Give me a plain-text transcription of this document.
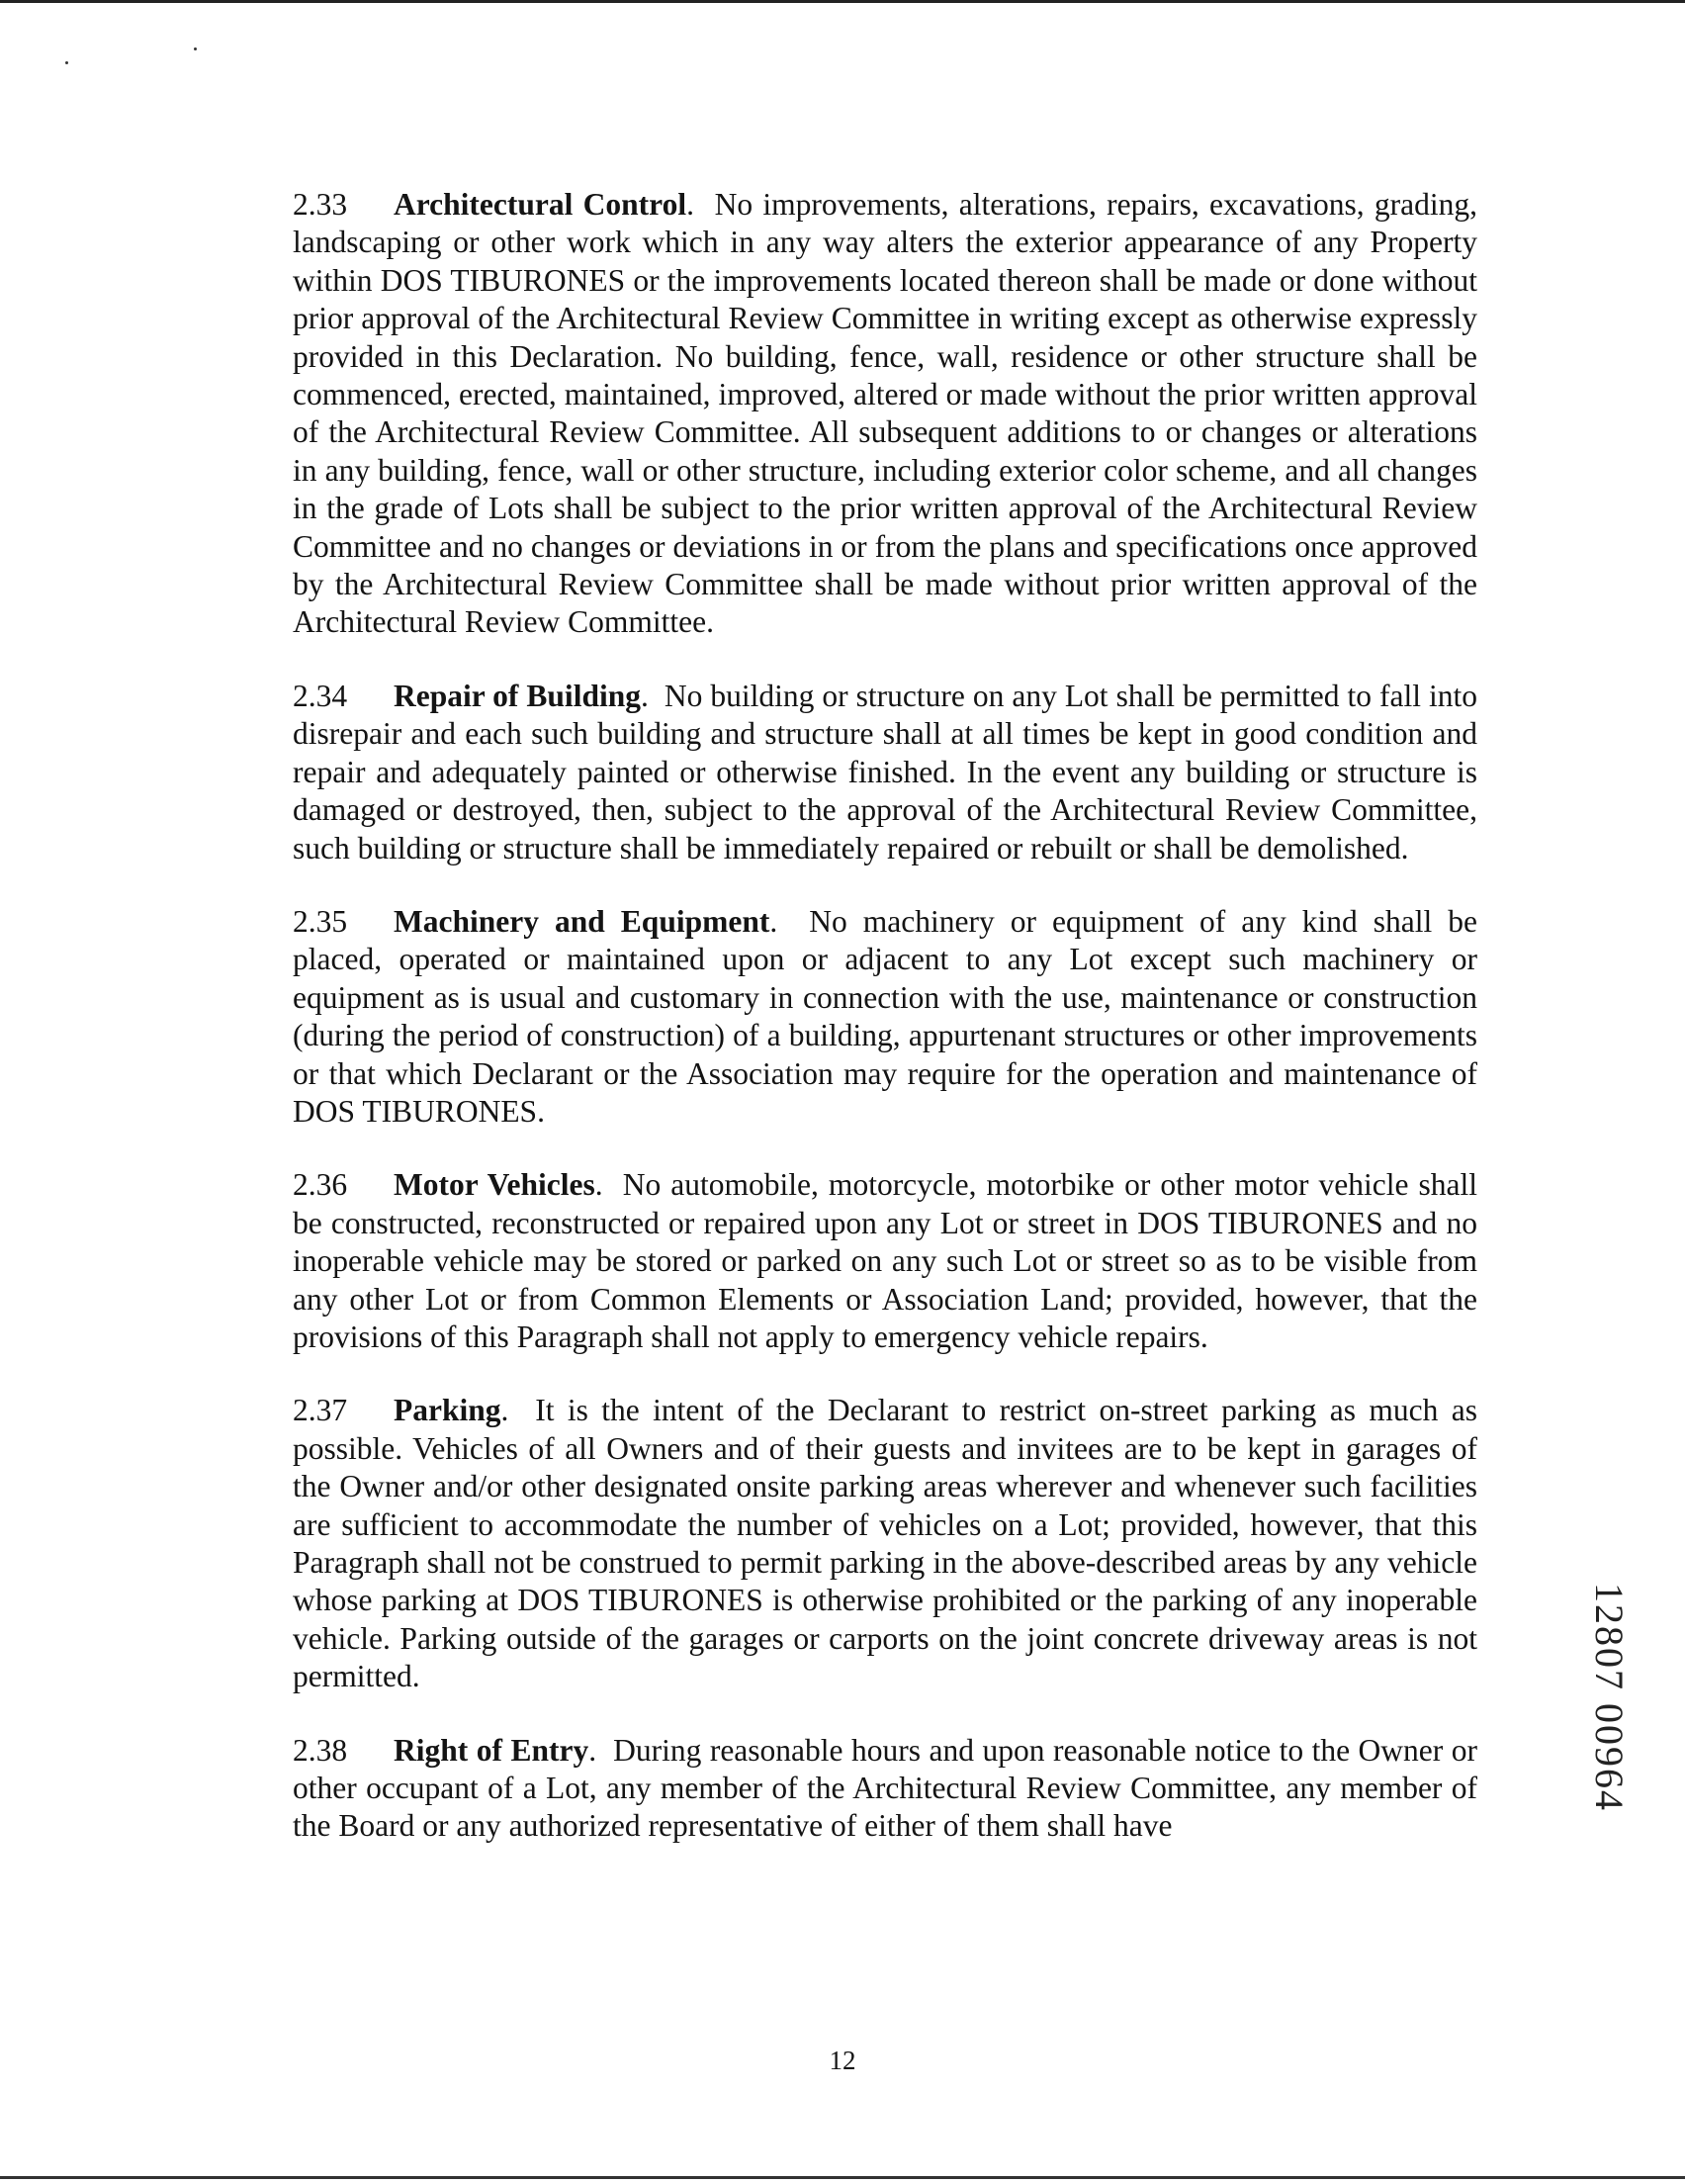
2.33 Architectural Control. No improvements, alterations, repairs, excavations, grading, landscaping or other work which in any way alters the exterior appearance of any Property within DOS TIBURONES or the improvements located thereon shall be made or done without prior approval of the Architectural Review Committee in writing except as otherwise expressly provided in this Declaration. No building, fence, wall, residence or other structure shall be commenced, erected, maintained, improved, altered or made without the prior written approval of the Architectural Review Committee. All subsequent additions to or changes or alterations in any building, fence, wall or other structure, including exterior color scheme, and all changes in the grade of Lots shall be subject to the prior written approval of the Architectural Review Committee and no changes or deviations in or from the plans and specifications once approved by the Architectural Review Committee shall be made without prior written approval of the Architectural Review Committee.

2.34 Repair of Building. No building or structure on any Lot shall be permitted to fall into disrepair and each such building and structure shall at all times be kept in good condition and repair and adequately painted or otherwise finished. In the event any building or structure is damaged or destroyed, then, subject to the approval of the Architectural Review Committee, such building or structure shall be immediately repaired or rebuilt or shall be demolished.

2.35 Machinery and Equipment. No machinery or equipment of any kind shall be placed, operated or maintained upon or adjacent to any Lot except such machinery or equipment as is usual and customary in connection with the use, maintenance or construction (during the period of construction) of a building, appurtenant structures or other improvements or that which Declarant or the Association may require for the operation and maintenance of DOS TIBURONES.

2.36 Motor Vehicles. No automobile, motorcycle, motorbike or other motor vehicle shall be constructed, reconstructed or repaired upon any Lot or street in DOS TIBURONES and no inoperable vehicle may be stored or parked on any such Lot or street so as to be visible from any other Lot or from Common Elements or Association Land; provided, however, that the provisions of this Paragraph shall not apply to emergency vehicle repairs.

2.37 Parking. It is the intent of the Declarant to restrict on-street parking as much as possible. Vehicles of all Owners and of their guests and invitees are to be kept in garages of the Owner and/or other designated onsite parking areas wherever and whenever such facilities are sufficient to accommodate the number of vehicles on a Lot; provided, however, that this Paragraph shall not be construed to permit parking in the above-described areas by any vehicle whose parking at DOS TIBURONES is otherwise prohibited or the parking of any inoperable vehicle. Parking outside of the garages or carports on the joint concrete driveway areas is not permitted.

2.38 Right of Entry. During reasonable hours and upon reasonable notice to the Owner or other occupant of a Lot, any member of the Architectural Review Committee, any member of the Board or any authorized representative of either of them shall have

12807 00964
12
